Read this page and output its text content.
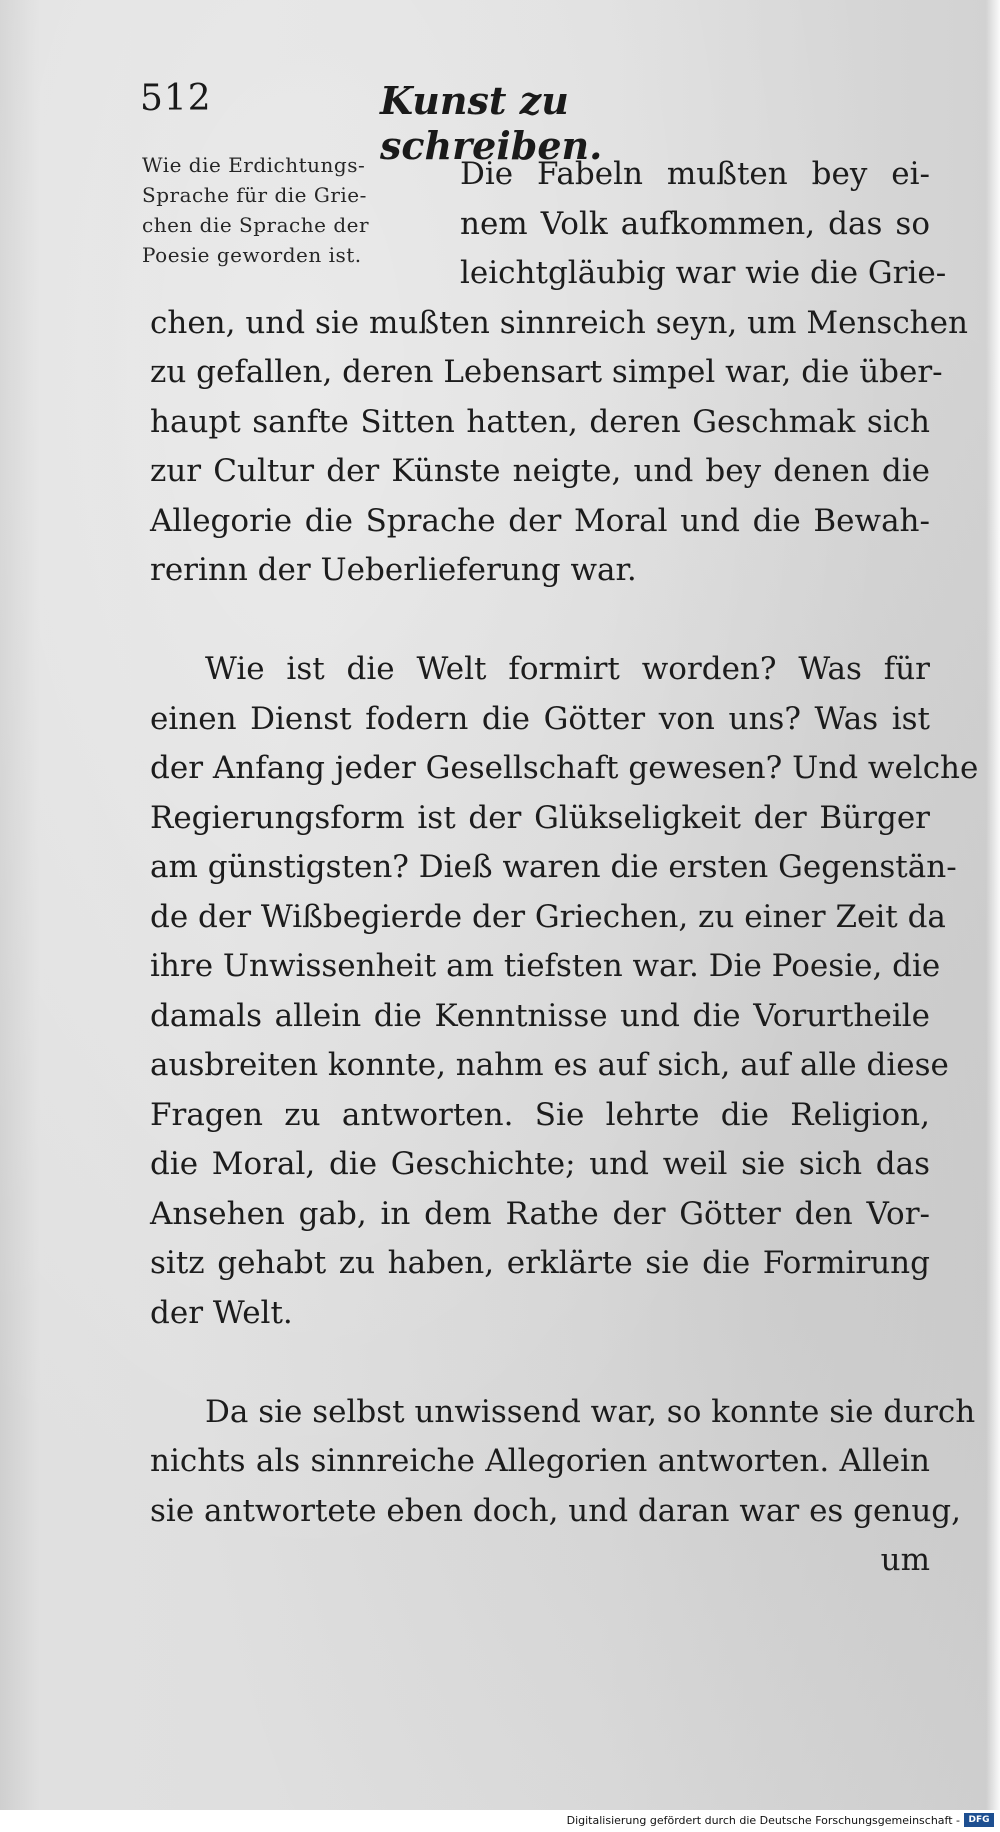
512	Kunst zu schreiben.
Wie die Erdichtungs-
Sprache für die Grie-
chen die Sprache der
Poesie geworden ist.
Die Fabeln mußten bey ei-
nem Volk aufkommen, das so
leichtgläubig war wie die Grie-
chen, und sie mußten sinnreich seyn, um Menschen
zu gefallen, deren Lebensart simpel war, die über-
haupt sanfte Sitten hatten, deren Geschmak sich
zur Cultur der Künste neigte, und bey denen die
Allegorie die Sprache der Moral und die Bewah-
rerinn der Ueberlieferung war.
Wie ist die Welt formirt worden? Was für
einen Dienst fodern die Götter von uns? Was ist
der Anfang jeder Gesellschaft gewesen? Und welche
Regierungsform ist der Glükseligkeit der Bürger
am günstigsten? Dieß waren die ersten Gegenstän-
de der Wißbegierde der Griechen, zu einer Zeit da
ihre Unwissenheit am tiefsten war. Die Poesie, die
damals allein die Kenntnisse und die Vorurtheile
ausbreiten konnte, nahm es auf sich, auf alle diese
Fragen zu antworten. Sie lehrte die Religion,
die Moral, die Geschichte; und weil sie sich das
Ansehen gab, in dem Rathe der Götter den Vor-
sitz gehabt zu haben, erklärte sie die Formirung
der Welt.
Da sie selbst unwissend war, so konnte sie durch
nichts als sinnreiche Allegorien antworten. Allein
sie antwortete eben doch, und daran war es genug,
um
Digitalisierung gefördert durch die Deutsche Forschungsgemeinschaft - DFG
